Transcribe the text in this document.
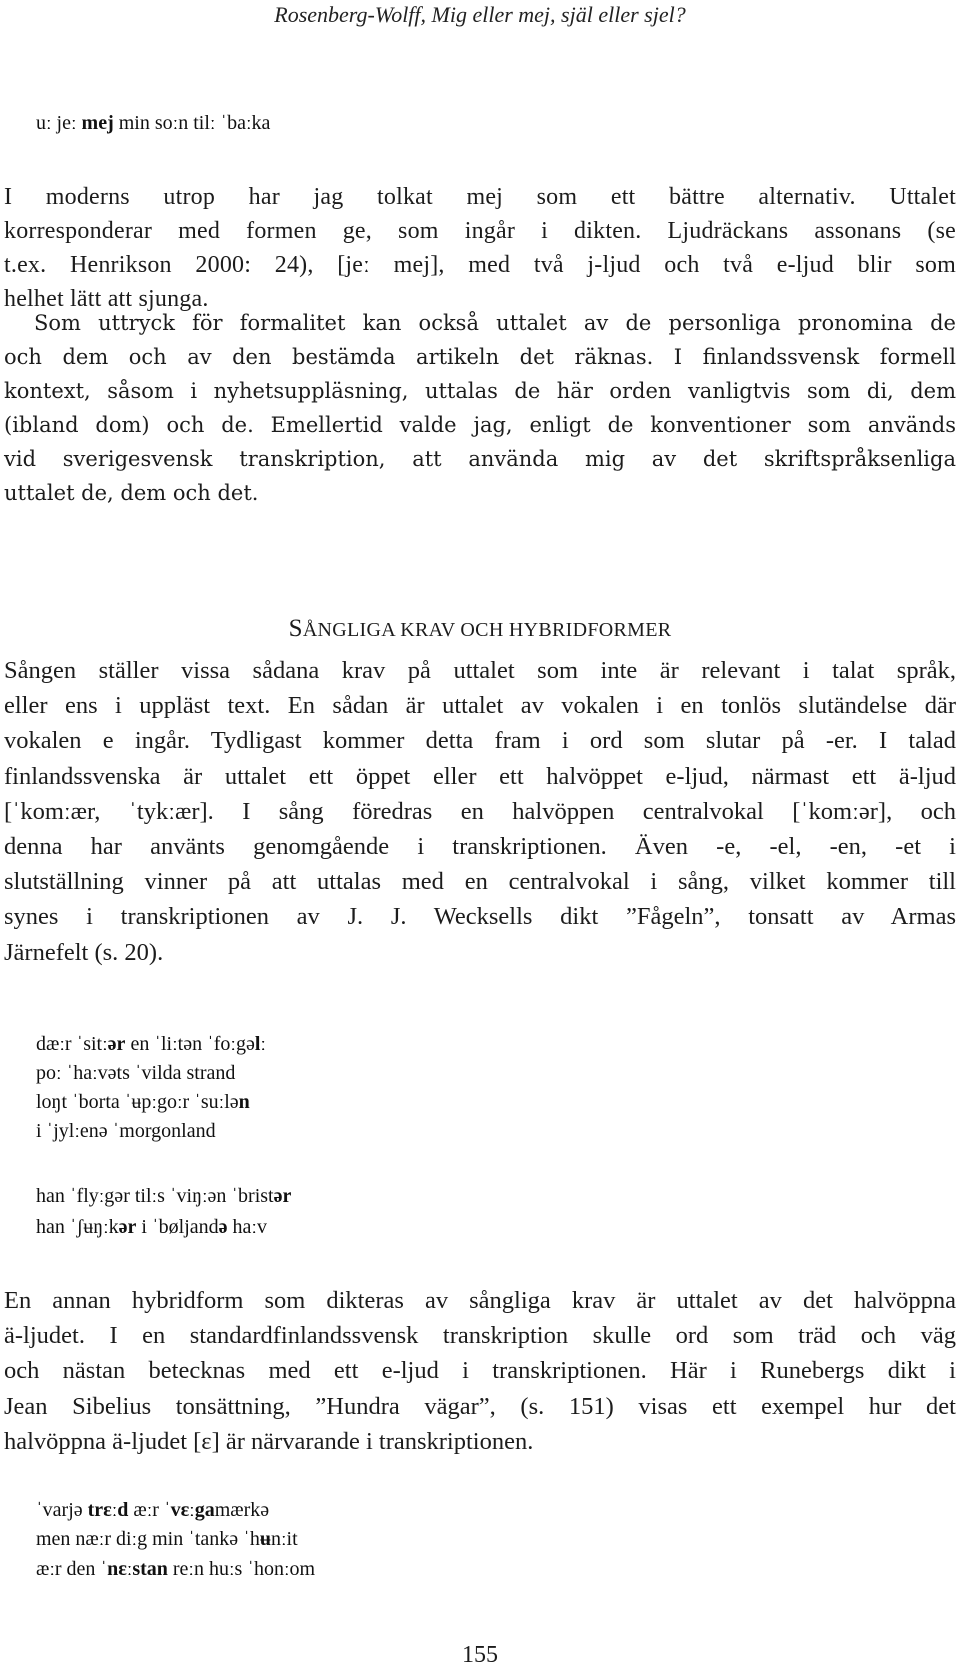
Rosenberg-Wolff, Mig eller mej, själ eller sjel?
uː jeː mej min soːn tilː ˈbaːka
I moderns utrop har jag tolkat mej som ett bättre alternativ. Uttalet
korresponderar med formen ge, som ingår i dikten. Ljudräckans assonans (se
t.ex. Henrikson 2000: 24), [jeː mej], med två j-ljud och två e-ljud blir som
helhet lätt att sjunga.
Som uttryck för formalitet kan också uttalet av de personliga pronomina de
och dem och av den bestämda artikeln det räknas. I finlandssvensk formell
kontext, såsom i nyhetsuppläsning, uttalas de här orden vanligtvis som di, dem
(ibland dom) och de. Emellertid valde jag, enligt de konventioner som används
vid sverigesvensk transkription, att använda mig av det skriftspråksenliga
uttalet de, dem och det.
SÅNGLIGA KRAV OCH HYBRIDFORMER
Sången ställer vissa sådana krav på uttalet som inte är relevant i talat språk,
eller ens i uppläst text. En sådan är uttalet av vokalen i en tonlös slutändelse där
vokalen e ingår. Tydligast kommer detta fram i ord som slutar på -er. I talad
finlandssvenska är uttalet ett öppet eller ett halvöppet e-ljud, närmast ett ä-ljud
[ˈkomːær, ˈtykːær]. I sång föredras en halvöppen centralvokal [ˈkomːər], och
denna har använts genomgående i transkriptionen. Även -e, -el, -en, -et i
slutställning vinner på att uttalas med en centralvokal i sång, vilket kommer till
synes i transkriptionen av J. J. Wecksells dikt ”Fågeln”, tonsatt av Armas
Järnefelt (s. 20).
dæːr ˈsitːər en ˈliːtən ˈfoːgəlː
poː ˈhaːvəts ˈvilda strand
loŋt ˈborta ˈʉpːgoːr ˈsuːlən
i ˈjylːenə ˈmorgonland
han ˈflyːgər tilːs ˈviŋːən ˈbristər
han ˈʃʉŋːkər i ˈbøljandə haːv
En annan hybridform som dikteras av sångliga krav är uttalet av det halvöppna
ä-ljudet. I en standardfinlandssvensk transkription skulle ord som träd och väg
och nästan betecknas med ett e-ljud i transkriptionen. Här i Runebergs dikt i
Jean Sibelius tonsättning, ”Hundra vägar”, (s. 151) visas ett exempel hur det
halvöppna ä-ljudet [ɛ] är närvarande i transkriptionen.
ˈvarjə trɛːd æːr ˈvɛːgamærkə
men næːr diːg min ˈtankə ˈhʉnːit
æːr den ˈnɛːstan reːn huːs ˈhonːom
155
